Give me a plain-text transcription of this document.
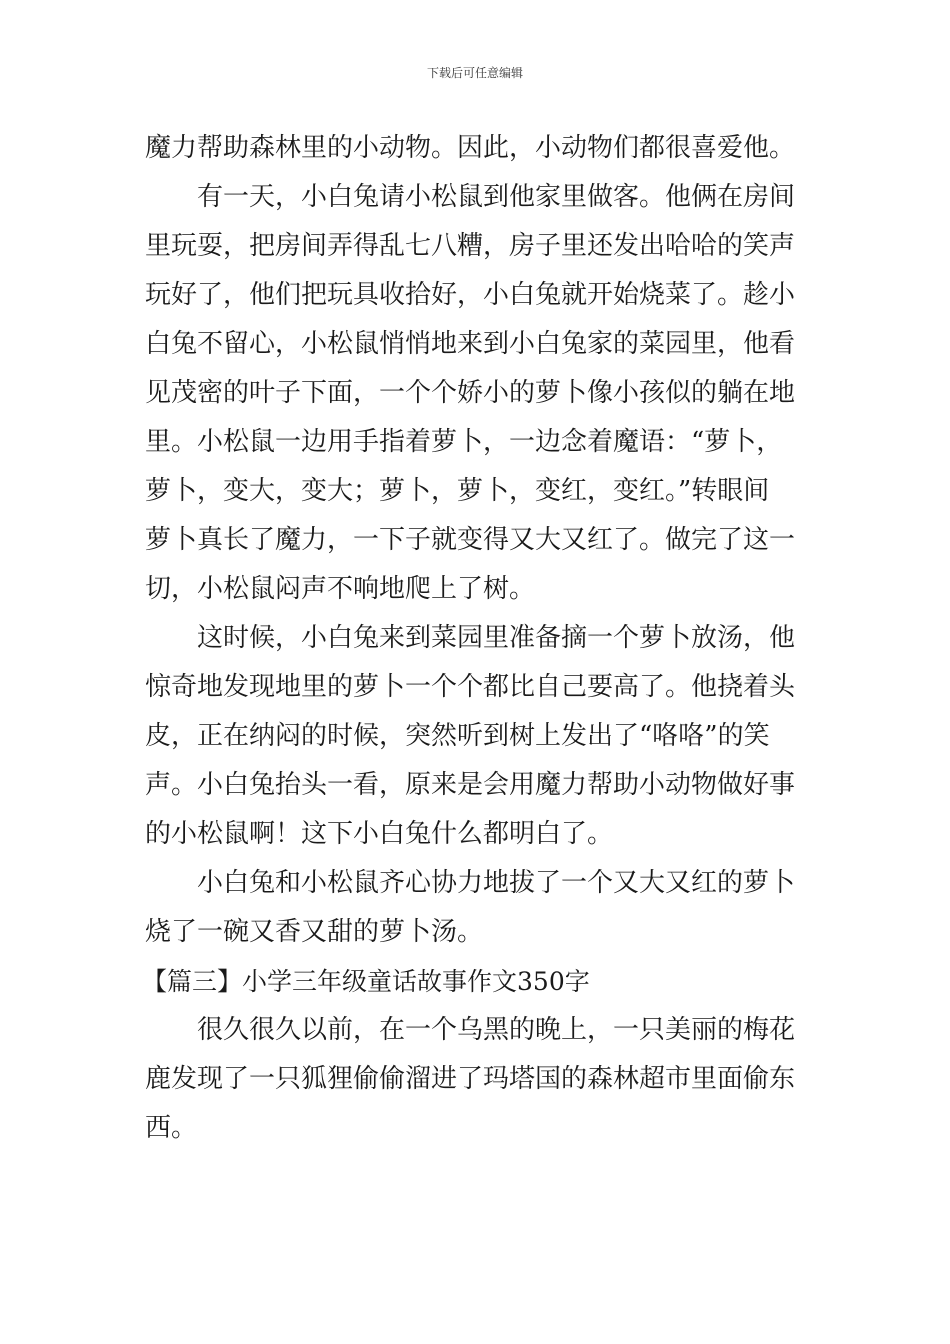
下载后可任意编辑
魔力帮助森林里的小动物。因此，小动物们都很喜爱他。
有一天，小白兔请小松鼠到他家里做客。他俩在房间
里玩耍，把房间弄得乱七八糟，房子里还发出哈哈的笑声
玩好了，他们把玩具收拾好，小白兔就开始烧菜了。趁小
白兔不留心，小松鼠悄悄地来到小白兔家的菜园里，他看
见茂密的叶子下面，一个个娇小的萝卜像小孩似的躺在地
里。小松鼠一边用手指着萝卜，一边念着魔语：“萝卜，
萝卜，变大，变大；萝卜，萝卜，变红，变红。”转眼间
萝卜真长了魔力，一下子就变得又大又红了。做完了这一
切，小松鼠闷声不响地爬上了树。
这时候，小白兔来到菜园里准备摘一个萝卜放汤，他
惊奇地发现地里的萝卜一个个都比自己要高了。他挠着头
皮，正在纳闷的时候，突然听到树上发出了“咯咯”的笑
声。小白兔抬头一看，原来是会用魔力帮助小动物做好事
的小松鼠啊！这下小白兔什么都明白了。
小白兔和小松鼠齐心协力地拔了一个又大又红的萝卜
烧了一碗又香又甜的萝卜汤。
【篇三】小学三年级童话故事作文350字
很久很久以前，在一个乌黑的晚上，一只美丽的梅花
鹿发现了一只狐狸偷偷溜进了玛塔国的森林超市里面偷东
西。
